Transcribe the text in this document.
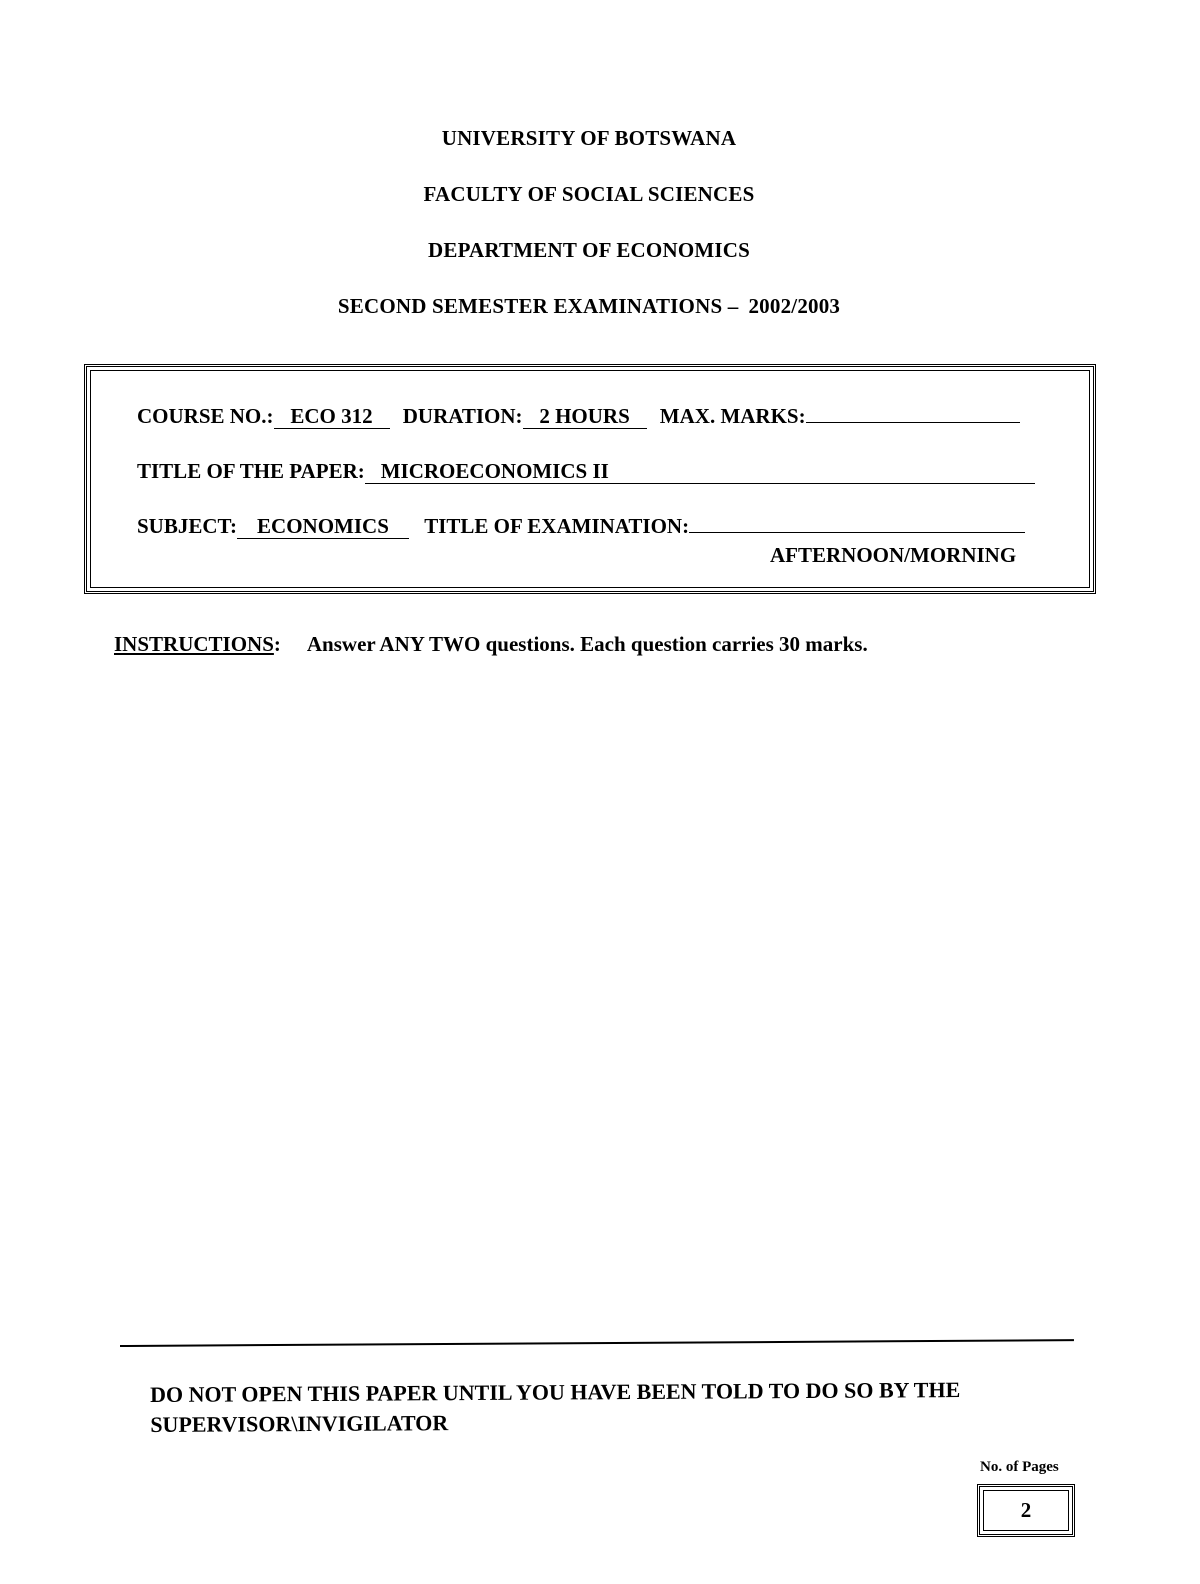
UNIVERSITY OF BOTSWANA
FACULTY OF SOCIAL SCIENCES
DEPARTMENT OF ECONOMICS
SECOND SEMESTER EXAMINATIONS – 2002/2003
COURSE NO.: ECO 312 DURATION: 2 HOURS MAX. MARKS:
TITLE OF THE PAPER: MICROECONOMICS II
SUBJECT: ECONOMICS TITLE OF EXAMINATION:
AFTERNOON/MORNING
INSTRUCTIONS: Answer ANY TWO questions. Each question carries 30 marks.
DO NOT OPEN THIS PAPER UNTIL YOU HAVE BEEN TOLD TO DO SO BY THE
SUPERVISOR\INVIGILATOR
No. of Pages
2
